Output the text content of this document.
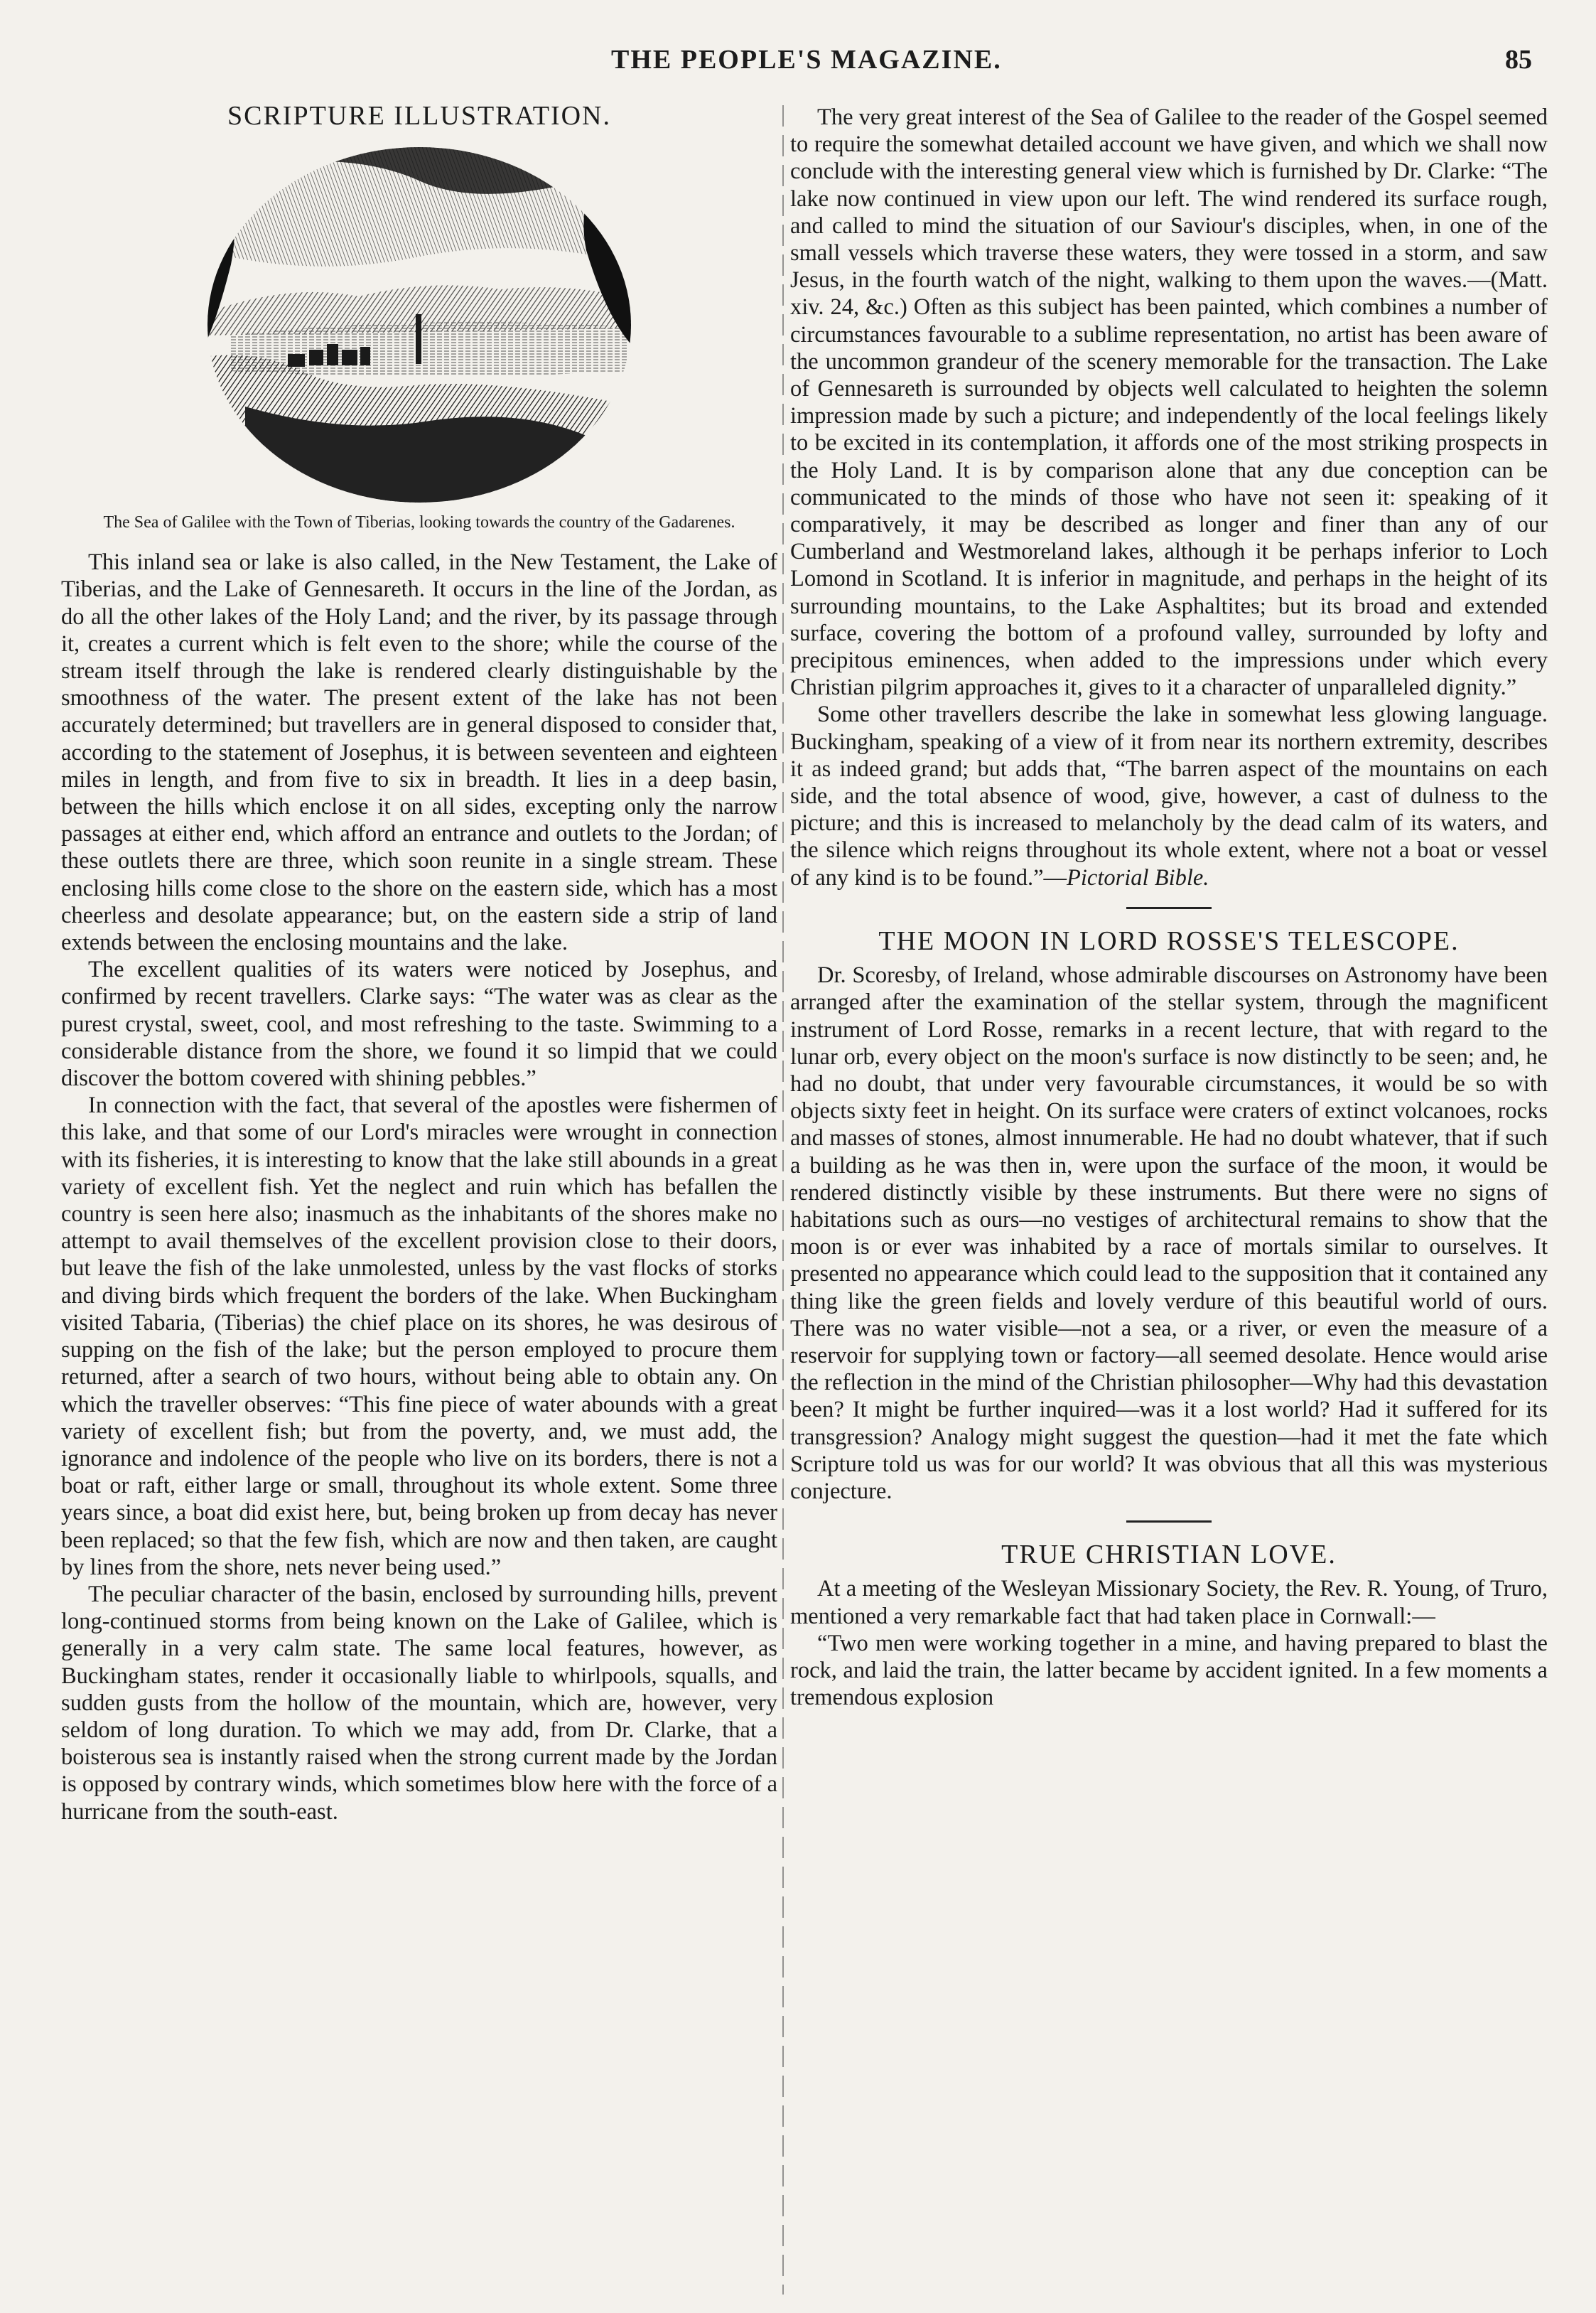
THE PEOPLE'S MAGAZINE.	85
SCRIPTURE ILLUSTRATION.
The Sea of Galilee with the Town of Tiberias, looking towards the country of the Gadarenes.

This inland sea or lake is also called, in the New Testament, the Lake of Tiberias, and the Lake of Gennesareth. It occurs in the line of the Jordan, as do all the other lakes of the Holy Land; and the river, by its passage through it, creates a current which is felt even to the shore; while the course of the stream itself through the lake is rendered clearly distinguishable by the smoothness of the water. The present extent of the lake has not been accurately determined; but travellers are in general disposed to consider that, according to the statement of Josephus, it is between seventeen and eighteen miles in length, and from five to six in breadth. It lies in a deep basin, between the hills which enclose it on all sides, excepting only the narrow passages at either end, which afford an entrance and outlets to the Jordan; of these outlets there are three, which soon reunite in a single stream. These enclosing hills come close to the shore on the eastern side, which has a most cheerless and desolate appearance; but, on the eastern side a strip of land extends between the enclosing mountains and the lake.

The excellent qualities of its waters were noticed by Josephus, and confirmed by recent travellers. Clarke says: “The water was as clear as the purest crystal, sweet, cool, and most refreshing to the taste. Swimming to a considerable distance from the shore, we found it so limpid that we could discover the bottom covered with shining pebbles.”

In connection with the fact, that several of the apostles were fishermen of this lake, and that some of our Lord's miracles were wrought in connection with its fisheries, it is interesting to know that the lake still abounds in a great variety of excellent fish. Yet the neglect and ruin which has befallen the country is seen here also; inasmuch as the inhabitants of the shores make no attempt to avail themselves of the excellent provision close to their doors, but leave the fish of the lake unmolested, unless by the vast flocks of storks and diving birds which frequent the borders of the lake. When Buckingham visited Tabaria, (Tiberias) the chief place on its shores, he was desirous of supping on the fish of the lake; but the person employed to procure them returned, after a search of two hours, without being able to obtain any. On which the traveller observes: “This fine piece of water abounds with a great variety of excellent fish; but from the poverty, and, we must add, the ignorance and indolence of the people who live on its borders, there is not a boat or raft, either large or small, throughout its whole extent. Some three years since, a boat did exist here, but, being broken up from decay has never been replaced; so that the few fish, which are now and then taken, are caught by lines from the shore, nets never being used.”

The peculiar character of the basin, enclosed by surrounding hills, prevent long-continued storms from being known on the Lake of Galilee, which is generally in a very calm state. The same local features, however, as Buckingham states, render it occasionally liable to whirlpools, squalls, and sudden gusts from the hollow of the mountain, which are, however, very seldom of long duration. To which we may add, from Dr. Clarke, that a boisterous sea is instantly raised when the strong current made by the Jordan is opposed by contrary winds, which sometimes blow here with the force of a hurricane from the south-east.

The very great interest of the Sea of Galilee to the reader of the Gospel seemed to require the somewhat detailed account we have given, and which we shall now conclude with the interesting general view which is furnished by Dr. Clarke: “The lake now continued in view upon our left. The wind rendered its surface rough, and called to mind the situation of our Saviour's disciples, when, in one of the small vessels which traverse these waters, they were tossed in a storm, and saw Jesus, in the fourth watch of the night, walking to them upon the waves.—(Matt. xiv. 24, &c.) Often as this subject has been painted, which combines a number of circumstances favourable to a sublime representation, no artist has been aware of the uncommon grandeur of the scenery memorable for the transaction. The Lake of Gennesareth is surrounded by objects well calculated to heighten the solemn impression made by such a picture; and independently of the local feelings likely to be excited in its contemplation, it affords one of the most striking prospects in the Holy Land. It is by comparison alone that any due conception can be communicated to the minds of those who have not seen it: speaking of it comparatively, it may be described as longer and finer than any of our Cumberland and Westmoreland lakes, although it be perhaps inferior to Loch Lomond in Scotland. It is inferior in magnitude, and perhaps in the height of its surrounding mountains, to the Lake Asphaltites; but its broad and extended surface, covering the bottom of a profound valley, surrounded by lofty and precipitous eminences, when added to the impressions under which every Christian pilgrim approaches it, gives to it a character of unparalleled dignity.”

Some other travellers describe the lake in somewhat less glowing language. Buckingham, speaking of a view of it from near its northern extremity, describes it as indeed grand; but adds that, “The barren aspect of the mountains on each side, and the total absence of wood, give, however, a cast of dulness to the picture; and this is increased to melancholy by the dead calm of its waters, and the silence which reigns throughout its whole extent, where not a boat or vessel of any kind is to be found.”—Pictorial Bible.

THE MOON IN LORD ROSSE'S TELESCOPE.

Dr. Scoresby, of Ireland, whose admirable discourses on Astronomy have been arranged after the examination of the stellar system, through the magnificent instrument of Lord Rosse, remarks in a recent lecture, that with regard to the lunar orb, every object on the moon's surface is now distinctly to be seen; and, he had no doubt, that under very favourable circumstances, it would be so with objects sixty feet in height. On its surface were craters of extinct volcanoes, rocks and masses of stones, almost innumerable. He had no doubt whatever, that if such a building as he was then in, were upon the surface of the moon, it would be rendered distinctly visible by these instruments. But there were no signs of habitations such as ours—no vestiges of architectural remains to show that the moon is or ever was inhabited by a race of mortals similar to ourselves. It presented no appearance which could lead to the supposition that it contained any thing like the green fields and lovely verdure of this beautiful world of ours. There was no water visible—not a sea, or a river, or even the measure of a reservoir for supplying town or factory—all seemed desolate. Hence would arise the reflection in the mind of the Christian philosopher—Why had this devastation been? It might be further inquired—was it a lost world? Had it suffered for its transgression? Analogy might suggest the question—had it met the fate which Scripture told us was for our world? It was obvious that all this was mysterious conjecture.

TRUE CHRISTIAN LOVE.

At a meeting of the Wesleyan Missionary Society, the Rev. R. Young, of Truro, mentioned a very remarkable fact that had taken place in Cornwall:—

“Two men were working together in a mine, and having prepared to blast the rock, and laid the train, the latter became by accident ignited. In a few moments a tremendous explosion
